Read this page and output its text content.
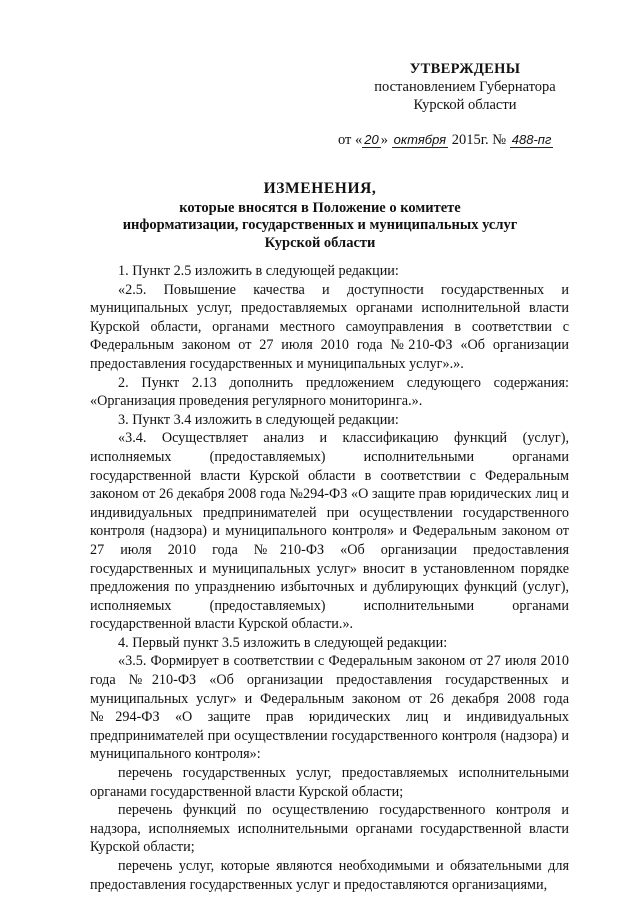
УТВЕРЖДЕНЫ
постановлением Губернатора
Курской области
от « 20 » октября 2015г. № 488-пг
ИЗМЕНЕНИЯ,
которые вносятся в Положение о комитете
информатизации, государственных и муниципальных услуг
Курской области

1. Пункт 2.5 изложить в следующей редакции:

«2.5. Повышение качества и доступности государственных и муниципальных услуг, предоставляемых органами исполнительной власти Курской области, органами местного самоуправления в соответствии с Федеральным законом от 27 июля 2010 года №210-ФЗ «Об организации предоставления государственных и муниципальных услуг».».

2. Пункт 2.13 дополнить предложением следующего содержания: «Организация проведения регулярного мониторинга.».

3. Пункт 3.4 изложить в следующей редакции:

«3.4. Осуществляет анализ и классификацию функций (услуг), исполняемых (предоставляемых) исполнительными органами государственной власти Курской области в соответствии с Федеральным законом от 26 декабря 2008 года №294-ФЗ «О защите прав юридических лиц и индивидуальных предпринимателей при осуществлении государственного контроля (надзора) и муниципального контроля» и Федеральным законом от 27 июля 2010 года №210-ФЗ «Об организации предоставления государственных и муниципальных услуг» вносит в установленном порядке предложения по упразднению избыточных и дублирующих функций (услуг), исполняемых (предоставляемых) исполнительными органами государственной власти Курской области.».

4. Первый пункт 3.5 изложить в следующей редакции:

«3.5. Формирует в соответствии с Федеральным законом от 27 июля 2010 года №210-ФЗ «Об организации предоставления государственных и муниципальных услуг» и Федеральным законом от 26 декабря 2008 года №294-ФЗ «О защите прав юридических лиц и индивидуальных предпринимателей при осуществлении государственного контроля (надзора) и муниципального контроля»:

перечень государственных услуг, предоставляемых исполнительными органами государственной власти Курской области;

перечень функций по осуществлению государственного контроля и надзора, исполняемых исполнительными органами государственной власти Курской области;

перечень услуг, которые являются необходимыми и обязательными для предоставления государственных услуг и предоставляются организациями,
